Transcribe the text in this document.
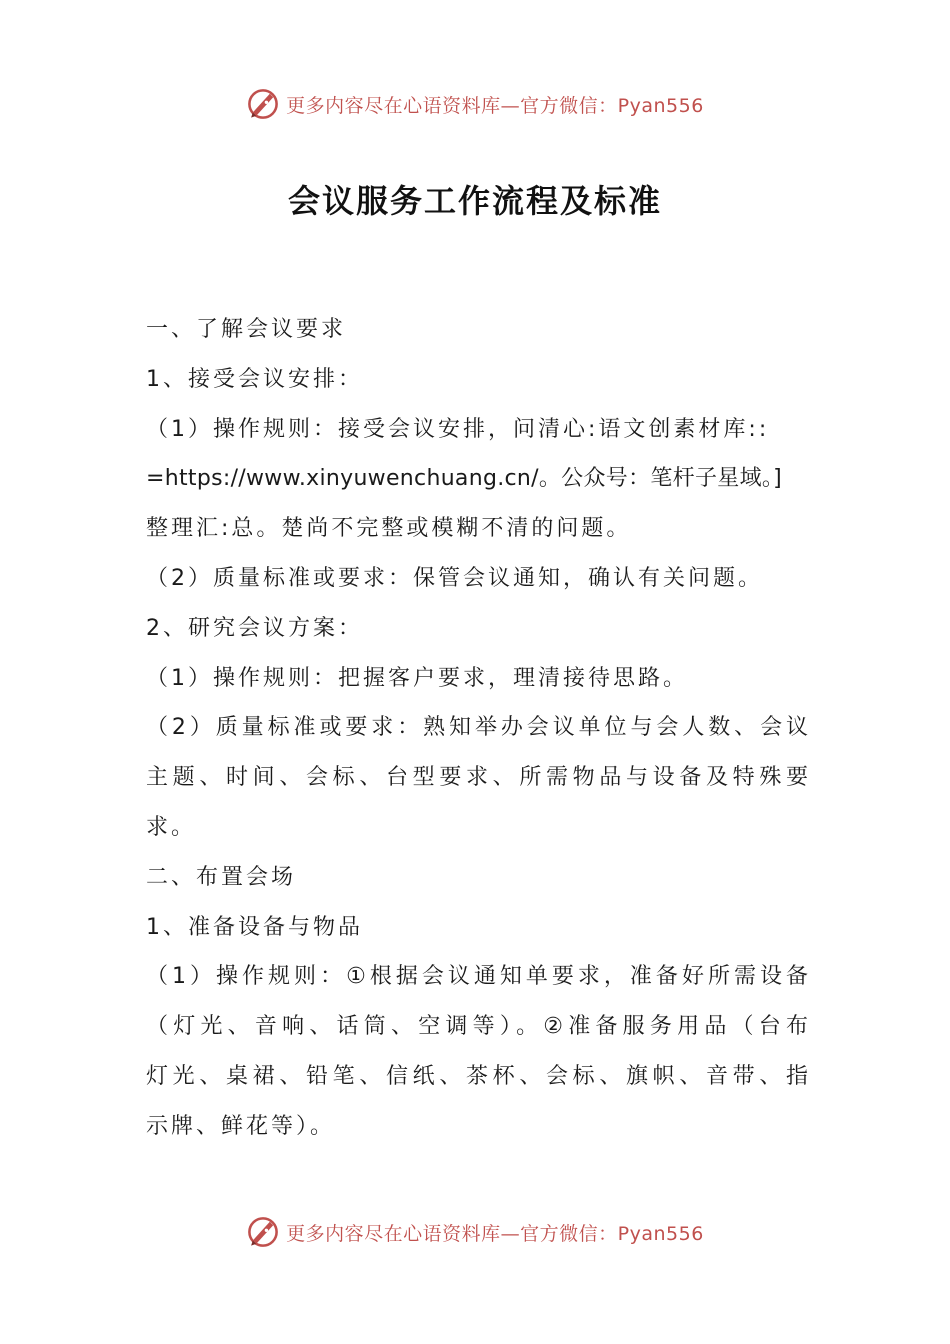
更多内容尽在心语资料库—官方微信：Pyan556
会议服务工作流程及标准
一、了解会议要求
1、接受会议安排：
（1）操作规则：接受会议安排，问清心:语文创素材库::
=https://www.xinyuwenchuang.cn/。公众号：笔杆子星域。]
整理汇:总。楚尚不完整或模糊不清的问题。
（2）质量标准或要求：保管会议通知，确认有关问题。
2、研究会议方案：
（1）操作规则：把握客户要求，理清接待思路。
（2）质量标准或要求：熟知举办会议单位与会人数、会议
主题、时间、会标、台型要求、所需物品与设备及特殊要
求。
二、布置会场
1、准备设备与物品
（1）操作规则：①根据会议通知单要求，准备好所需设备
（灯光、音响、话筒、空调等）。②准备服务用品（台布
灯光、桌裙、铅笔、信纸、茶杯、会标、旗帜、音带、指
示牌、鲜花等）。
更多内容尽在心语资料库—官方微信：Pyan556
